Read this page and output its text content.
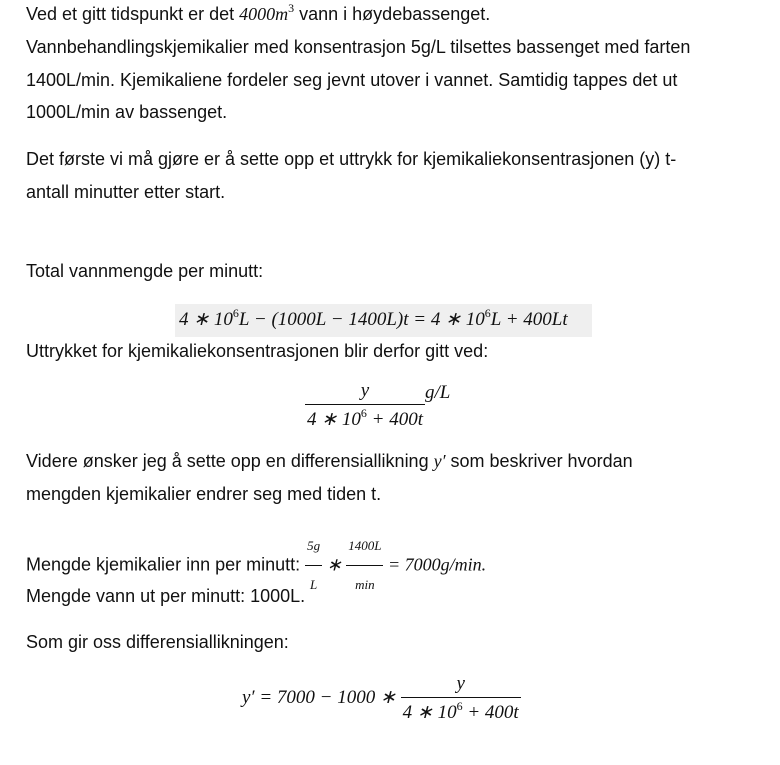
Ved et gitt tidspunkt er $\det 4000m^3$ vann i høydebassenget.
Vannbehandlingskjemikalier med konsentrasjon 5g/L tilsettes bassenget med farten
1400L/min. Kjemikaliene fordeler seg jevnt utover i vannet. Samtidig tappes det ut
1000L/min av bassenget.
Det første vi må gjøre er å sette opp et uttrykk for kjemikaliekonsentrasjonen (y) t-
antall minutter etter start.
Total vannmengde per minutt:
4 ∗ $10^6L - (1000L - 1400L)t = 4$ ∗ $10^6L + 400Lt$
Uttrykket for kjemikaliekonsentrasjonen blir derfor gitt ved:
$\frac{y}{4 ∗ 10^6 + 400t} g/L$
Videre ønsker jeg å sette opp en differensiallikning y′ som beskriver hvordan
mengden kjemikalier endrer seg med tiden t.
Mengde kjemikalier inn per minutt: $\frac{5g}{L}$ ∗ $\frac{1400L}{\min} = 7000g/\min$.
Mengde vann ut per minutt: 1000L.
Som gir oss differensiallikningen:
y′ = 7000 − 1000 ∗ $\frac{y}{4 ∗ 10^6 + 400t}$
